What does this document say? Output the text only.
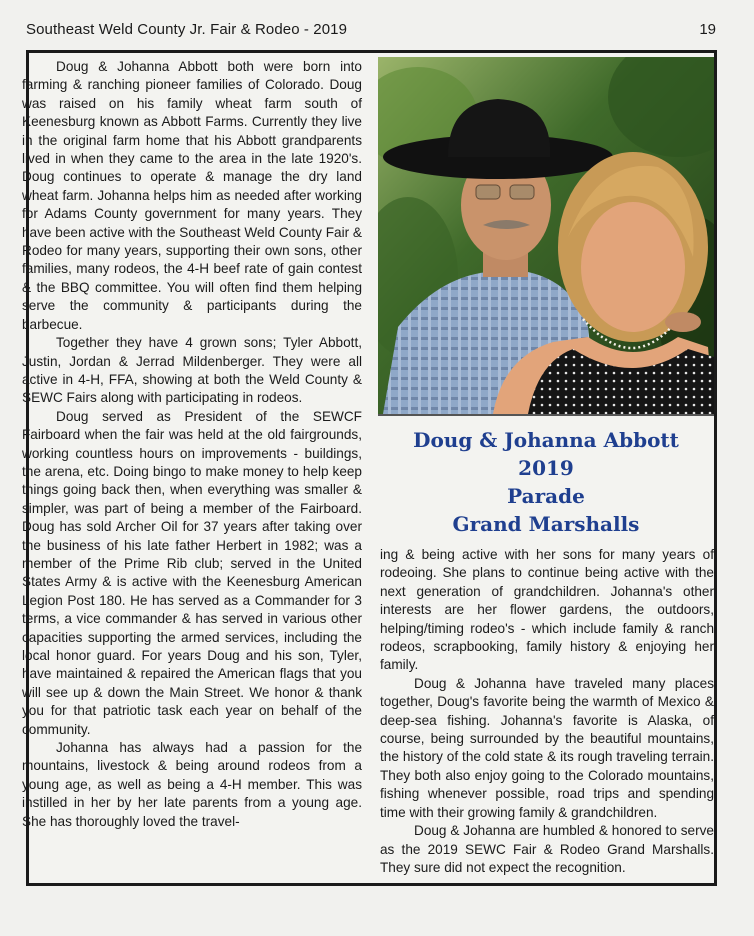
Southeast Weld County Jr. Fair & Rodeo - 2019	19

Doug & Johanna Abbott both were born into farming & ranching pioneer families of Colorado. Doug was raised on his family wheat farm south of Keenesburg known as Abbott Farms. Currently they live in the original farm home that his Abbott grandparents lived in when they came to the area in the late 1920's. Doug continues to operate & manage the dry land wheat farm. Johanna helps him as needed after working for Adams County government for many years. They have been active with the Southeast Weld County Fair & Rodeo for many years, supporting their own sons, other families, many rodeos, the 4-H beef rate of gain contest & the BBQ committee. You will often find them helping serve the community & participants during the barbecue.

Together they have 4 grown sons; Tyler Abbott, Justin, Jordan & Jerrad Mildenberger. They were all active in 4-H, FFA, showing at both the Weld County & SEWC Fairs along with participating in rodeos.

Doug served as President of the SEWCF Fairboard when the fair was held at the old fairgrounds, working countless hours on improvements - buildings, the arena, etc. Doing bingo to make money to help keep things going back then, when everything was smaller & simpler, was part of being a member of the Fairboard. Doug has sold Archer Oil for 37 years after taking over the business of his late father Herbert in 1982; was a member of the Prime Rib club; served in the United States Army & is active with the Keenesburg American Legion Post 180. He has served as a Commander for 3 terms, a vice commander & has served in various other capacities supporting the armed services, including the local honor guard. For years Doug and his son, Tyler, have maintained & repaired the American flags that you will see up & down the Main Street. We honor & thank you for that patriotic task each year on behalf of the community.

Johanna has always had a passion for the mountains, livestock & being around rodeos from a young age, as well as being a 4-H member. This was instilled in her by her late parents from a young age. She has thoroughly loved the travel-

Doug & Johanna Abbott
2019
Parade
Grand Marshalls

ing & being active with her sons for many years of rodeoing. She plans to continue being active with the next generation of grandchildren. Johanna's other interests are her flower gardens, the outdoors, helping/timing rodeo's - which include family & ranch rodeos, scrapbooking, family history & enjoying her family.

Doug & Johanna have traveled many places together, Doug's favorite being the warmth of Mexico & deep-sea fishing. Johanna's favorite is Alaska, of course, being surrounded by the beautiful mountains, the history of the cold state & its rough traveling terrain. They both also enjoy going to the Colorado mountains, fishing whenever possible, road trips and spending time with their growing family & grandchildren.

Doug & Johanna are humbled & honored to serve as the 2019 SEWC Fair & Rodeo Grand Marshalls. They sure did not expect the recognition.
